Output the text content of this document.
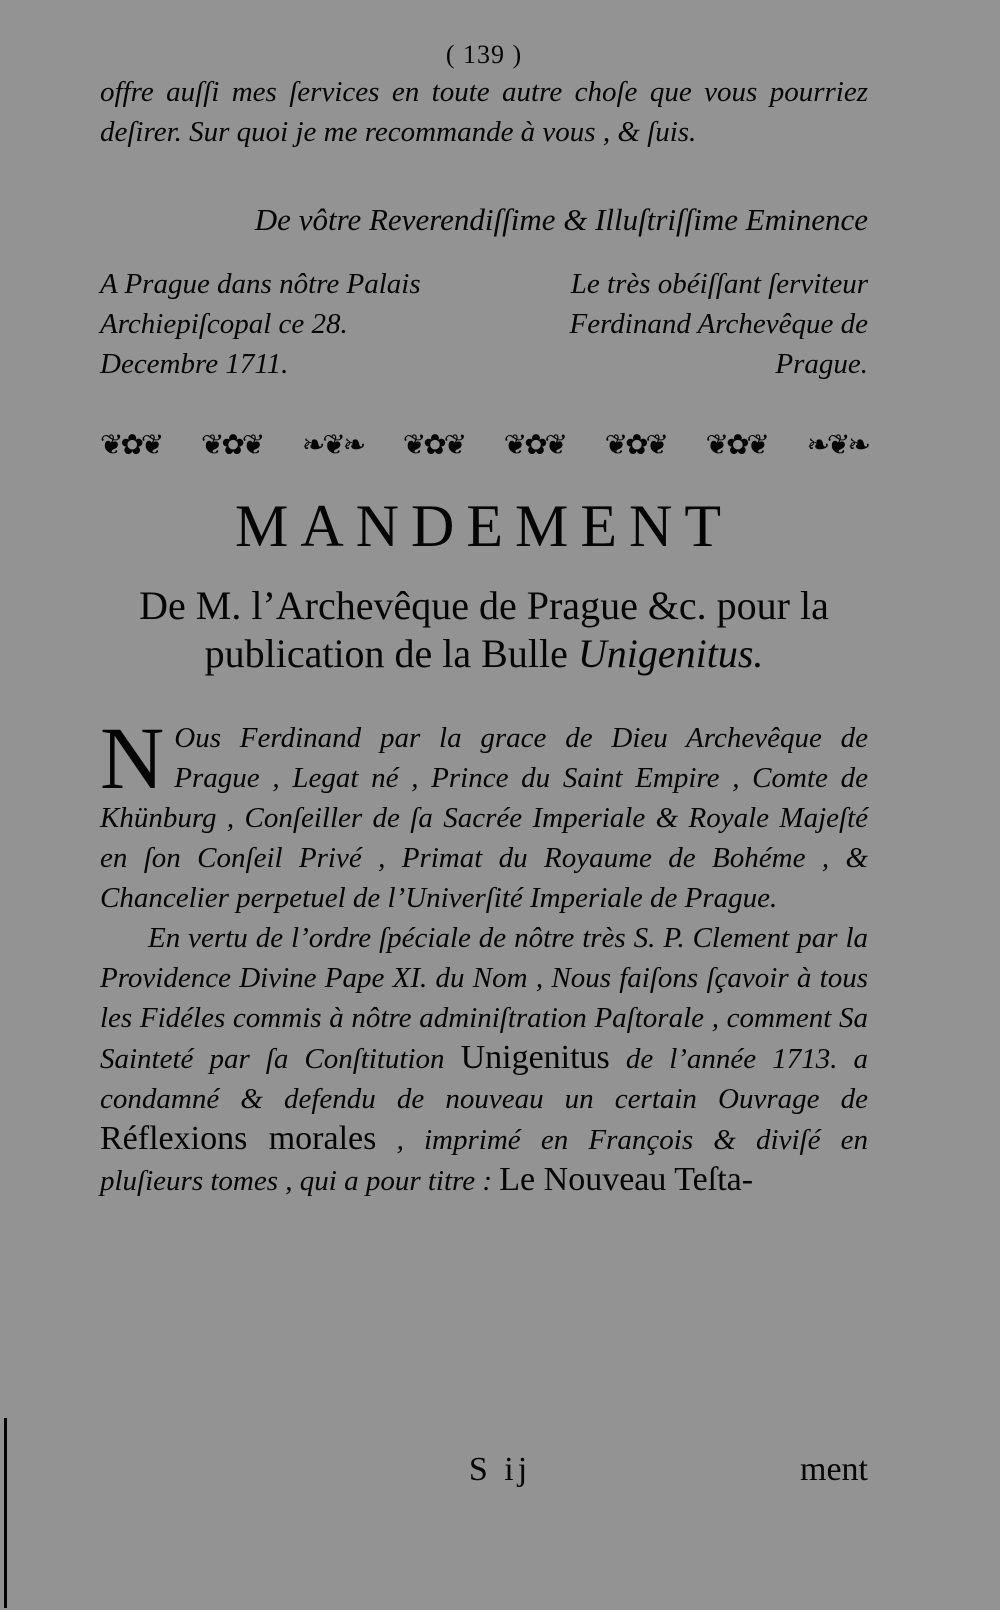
( 139 )

offre auſſi mes ſervices en toute autre choſe que vous pourriez deſirer. Sur quoi je me recommande à vous , & ſuis.

De vôtre Reverendiſſime & Illuſtriſſime Eminence
A Prague dans nôtre Palais Archiepiſcopal ce 28. Decembre 1711.
Le très obéiſſant ſerviteur Ferdinand Archevêque de Prague.
❦✿❦ ❦✿❦ ❧❦❧ ❦✿❦ ❦✿❦ ❦✿❦ ❦✿❦ ❧❦❧
MANDEMENT
De M. l’Archevêque de Prague &c. pour la publication de la Bulle Unigenitus.
N Ous Ferdinand par la grace de Dieu Archevêque de Prague , Legat né , Prince du Saint Empire , Comte de Khünburg , Conſeiller de ſa Sacrée Imperiale & Royale Majeſté en ſon Conſeil Privé , Primat du Royaume de Bohéme , & Chancelier perpetuel de l’Univerſité Imperiale de Prague.

En vertu de l’ordre ſpéciale de nôtre très S. P. Clement par la Providence Divine Pape XI. du Nom , Nous faiſons ſçavoir à tous les Fidéles commis à nôtre adminiſtration Paſtorale , comment Sa Sainteté par ſa Conſtitution Unigenitus de l’année 1713. a condamné & defendu de nouveau un certain Ouvrage de Réflexions morales , imprimé en François & diviſé en pluſieurs tomes , qui a pour titre : Le Nouveau Teſta-

S ij	ment
